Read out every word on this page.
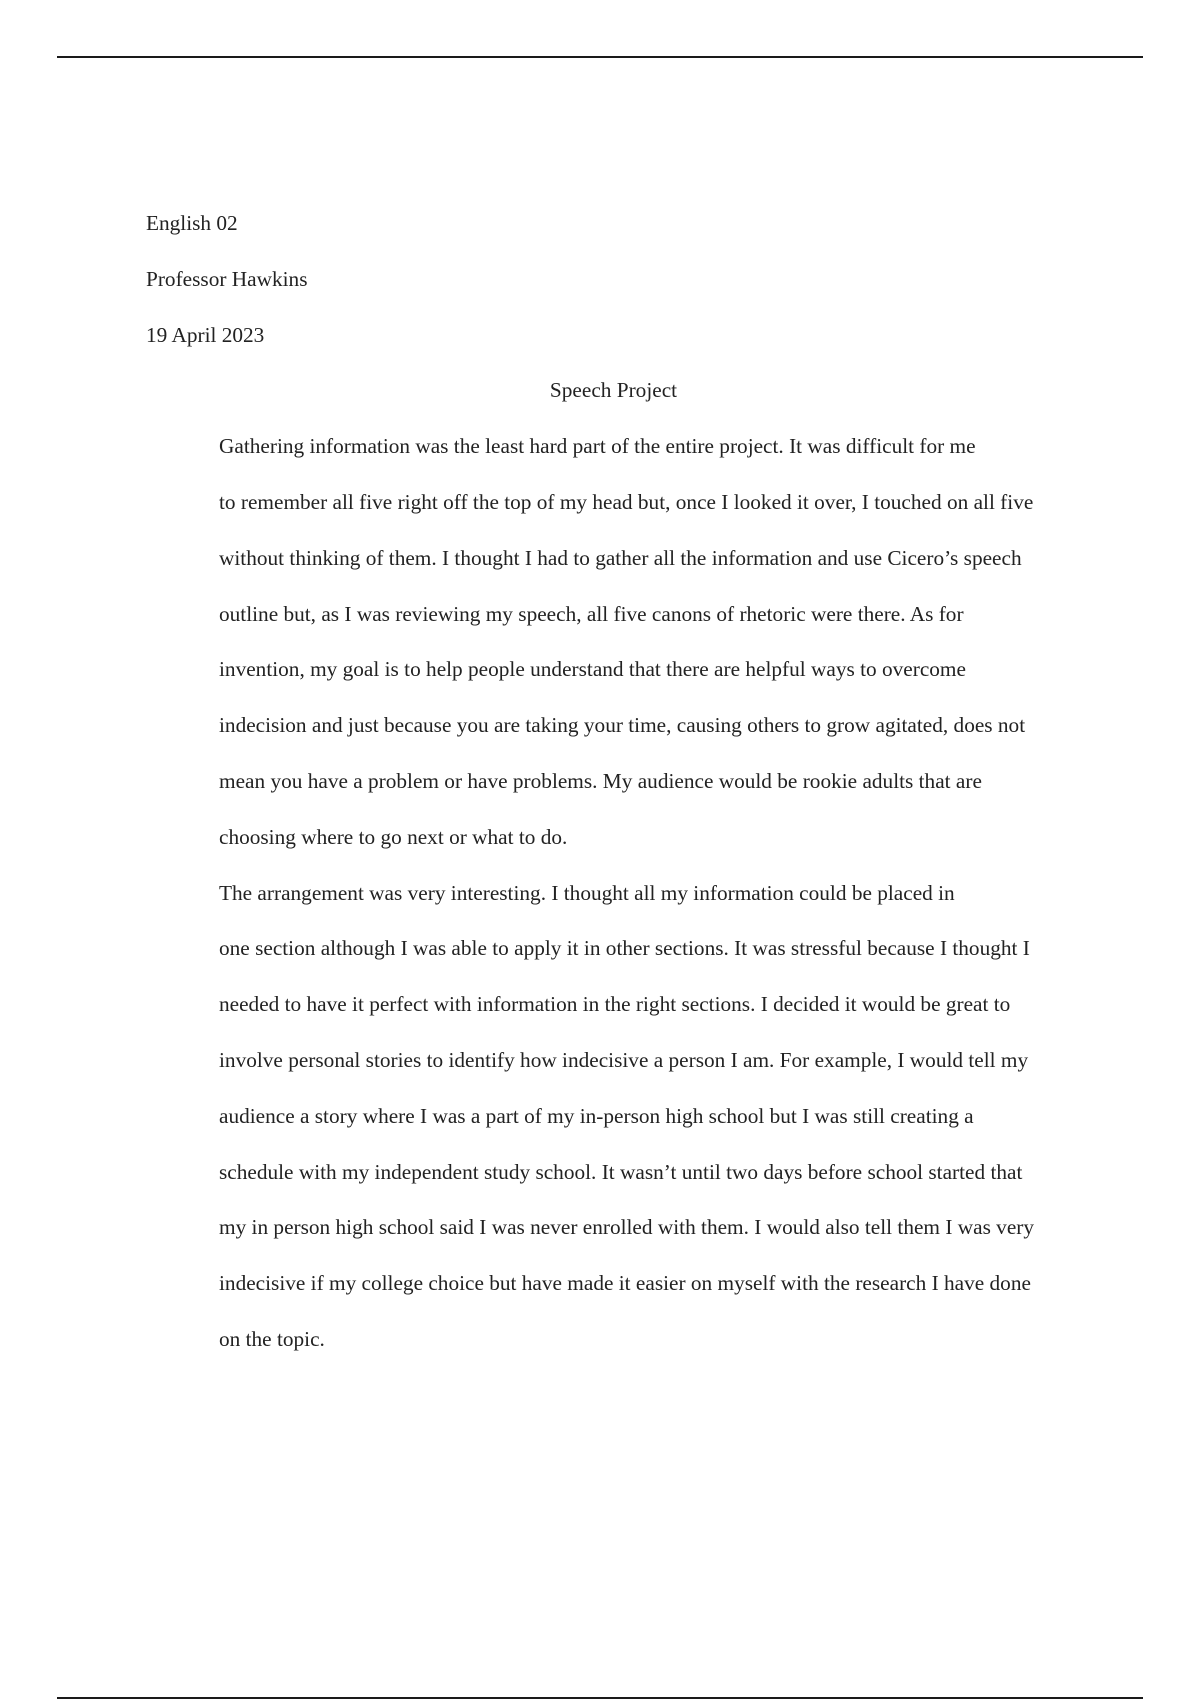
English 02

Professor Hawkins

19 April 2023

Speech Project

Gathering information was the least hard part of the entire project. It was difficult for me
to remember all five right off the top of my head but, once I looked it over, I touched on all five
without thinking of them. I thought I had to gather all the information and use Cicero’s speech
outline but, as I was reviewing my speech, all five canons of rhetoric were there. As for
invention, my goal is to help people understand that there are helpful ways to overcome
indecision and just because you are taking your time, causing others to grow agitated, does not
mean you have a problem or have problems. My audience would be rookie adults that are
choosing where to go next or what to do.

The arrangement was very interesting. I thought all my information could be placed in
one section although I was able to apply it in other sections. It was stressful because I thought I
needed to have it perfect with information in the right sections. I decided it would be great to
involve personal stories to identify how indecisive a person I am. For example, I would tell my
audience a story where I was a part of my in-person high school but I was still creating a
schedule with my independent study school. It wasn’t until two days before school started that
my in person high school said I was never enrolled with them. I would also tell them I was very
indecisive if my college choice but have made it easier on myself with the research I have done
on the topic.
